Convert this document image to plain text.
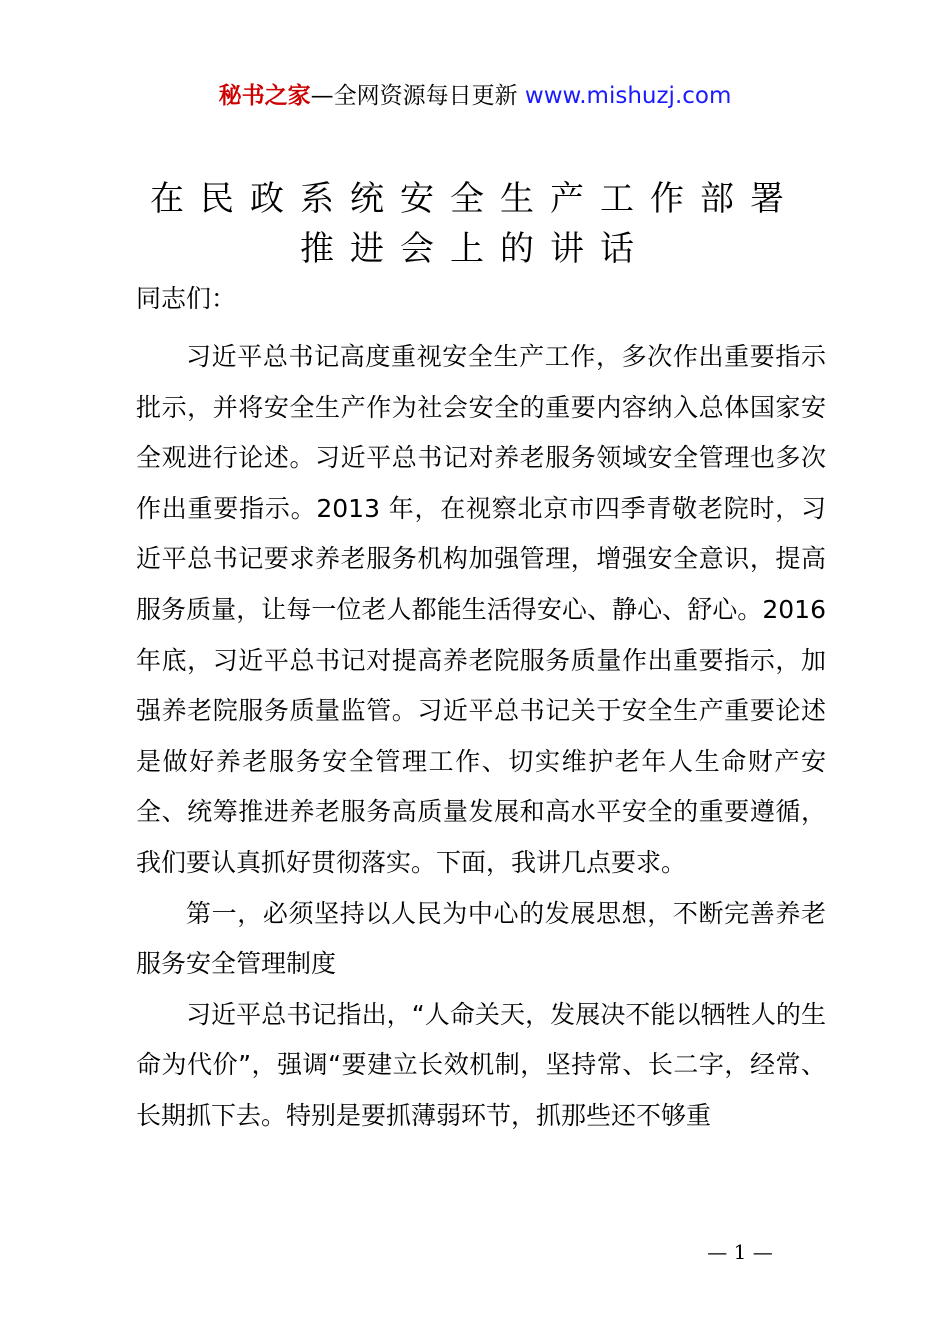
秘书之家—全网资源每日更新 www.mishuzj.com
在民政系统安全生产工作部署
推进会上的讲话
同志们：

习近平总书记高度重视安全生产工作，多次作出重要指示批示，并将安全生产作为社会安全的重要内容纳入总体国家安全观进行论述。习近平总书记对养老服务领域安全管理也多次作出重要指示。2013 年，在视察北京市四季青敬老院时，习近平总书记要求养老服务机构加强管理，增强安全意识，提高服务质量，让每一位老人都能生活得安心、静心、舒心。2016 年底，习近平总书记对提高养老院服务质量作出重要指示，加强养老院服务质量监管。习近平总书记关于安全生产重要论述是做好养老服务安全管理工作、切实维护老年人生命财产安全、统筹推进养老服务高质量发展和高水平安全的重要遵循，我们要认真抓好贯彻落实。下面，我讲几点要求。

第一，必须坚持以人民为中心的发展思想，不断完善养老服务安全管理制度

习近平总书记指出，“人命关天，发展决不能以牺牲人的生命为代价”，强调“要建立长效机制，坚持常、长二字，经常、长期抓下去。特别是要抓薄弱环节，抓那些还不够重

— 1 —
